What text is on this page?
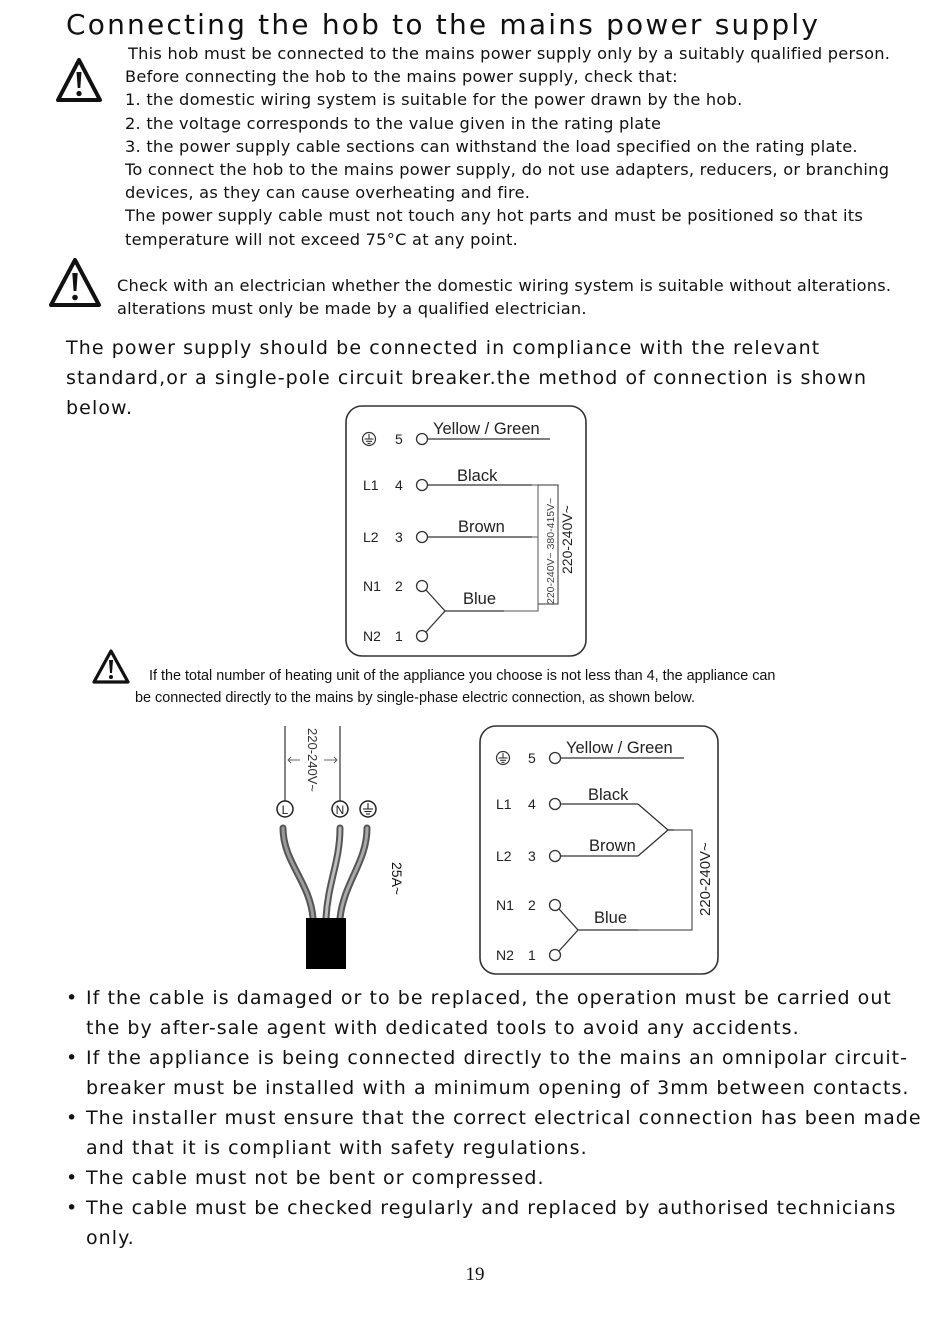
Connecting the hob to the mains power supply
This hob must be connected to the mains power supply only by a suitably qualified person.
Before connecting the hob to the mains power supply, check that:
1. the domestic wiring system is suitable for the power drawn by the hob.
2. the voltage corresponds to the value given in the rating plate
3. the power supply cable sections can withstand the load specified on the rating plate.
To connect the hob to the mains power supply, do not use adapters, reducers, or branching
devices, as they can cause overheating and fire.
The power supply cable must not touch any hot parts and must be positioned so that its
temperature will not exceed 75°C at any point.
Check with an electrician whether the domestic wiring system is suitable without alterations.
alterations must only be made by a qualified electrician.
The power supply should be connected in compliance with the relevant standard,or a single-pole circuit breaker.the method of connection is shown below.
L1
L2
N1
N2
5
4
3
2
1
Yellow / Green
Black
Brown
Blue	220-240V~ 380-415V~ 220-240V~
If the total number of heating unit of the appliance you choose is not less than 4, the appliance can
be connected directly to the mains by single-phase electric connection, as shown below.
220-240V~
L	N
25A~
L1
L2
N1
N2
5
4
3
2
1
Yellow / Green
Black
Brown
Blue
220-240V~
• If the cable is damaged or to be replaced, the operation must be carried out the by after-sale agent with dedicated tools to avoid any accidents.
• If the appliance is being connected directly to the mains an omnipolar circuit-breaker must be installed with a minimum opening of 3mm between contacts.
• The installer must ensure that the correct electrical connection has been made and that it is compliant with safety regulations.
• The cable must not be bent or compressed.
• The cable must be checked regularly and replaced by authorised technicians only.
19
